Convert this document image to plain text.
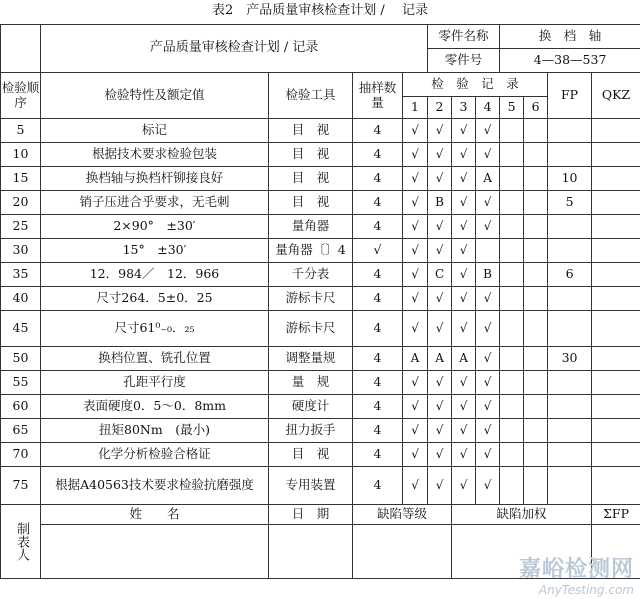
表2　产品质量审核检查计划 /　 记录
	产品质量审核检查计划 / 记录				零件名称			换　档　轴				
					零件号			4—38—537				
检验顺序	检验特性及额定值	检验工具	抽样数量	检　验　记　录						FP	QKZ	
				1	2	3	4	5	6			
5	标记	目　视	4	√	√	√	√					
10	根据技术要求检验包装	目　视	4	√	√	√	√					
15	换档轴与换档杆铆接良好	目　视	4	√	√	√	A			10		
20	销子压进合乎要求，无毛刺	目　视	4	√	B	√	√			5		
25	2×90°　±30′	量角器	4	√	√	√	√					
30	15°　±30′	量角器〔〕4	√	√	√	√						
35	12．984／　12．966	千分表	4	√	C	√	B			6		
40	尺寸264．5±0．25	游标卡尺	4	√	√	√	√					
45	尺寸61⁰₋₀．₂₅	游标卡尺	4	√	√	√	√					
50	换档位置、铣孔位置	调整量规	4	A	A	A	√			30		
55	孔距平行度	量　规	4	√	√	√	√					
60	表面硬度0．5～0．8mm	硬度计	4	√	√	√	√					
65	扭矩80Nm　(最小)	扭力扳手	4	√	√	√	√					
70	化学分析检验合格证	目　视	4	√	√	√	√					
75	根据A40563技术要求检验抗磨强度	专用装置	4	√	√	√	√					
制表人	姓　　名	日　期	缺陷等级			缺陷加权					ΣFP	

嘉峪检测网
AnyTesting.com
